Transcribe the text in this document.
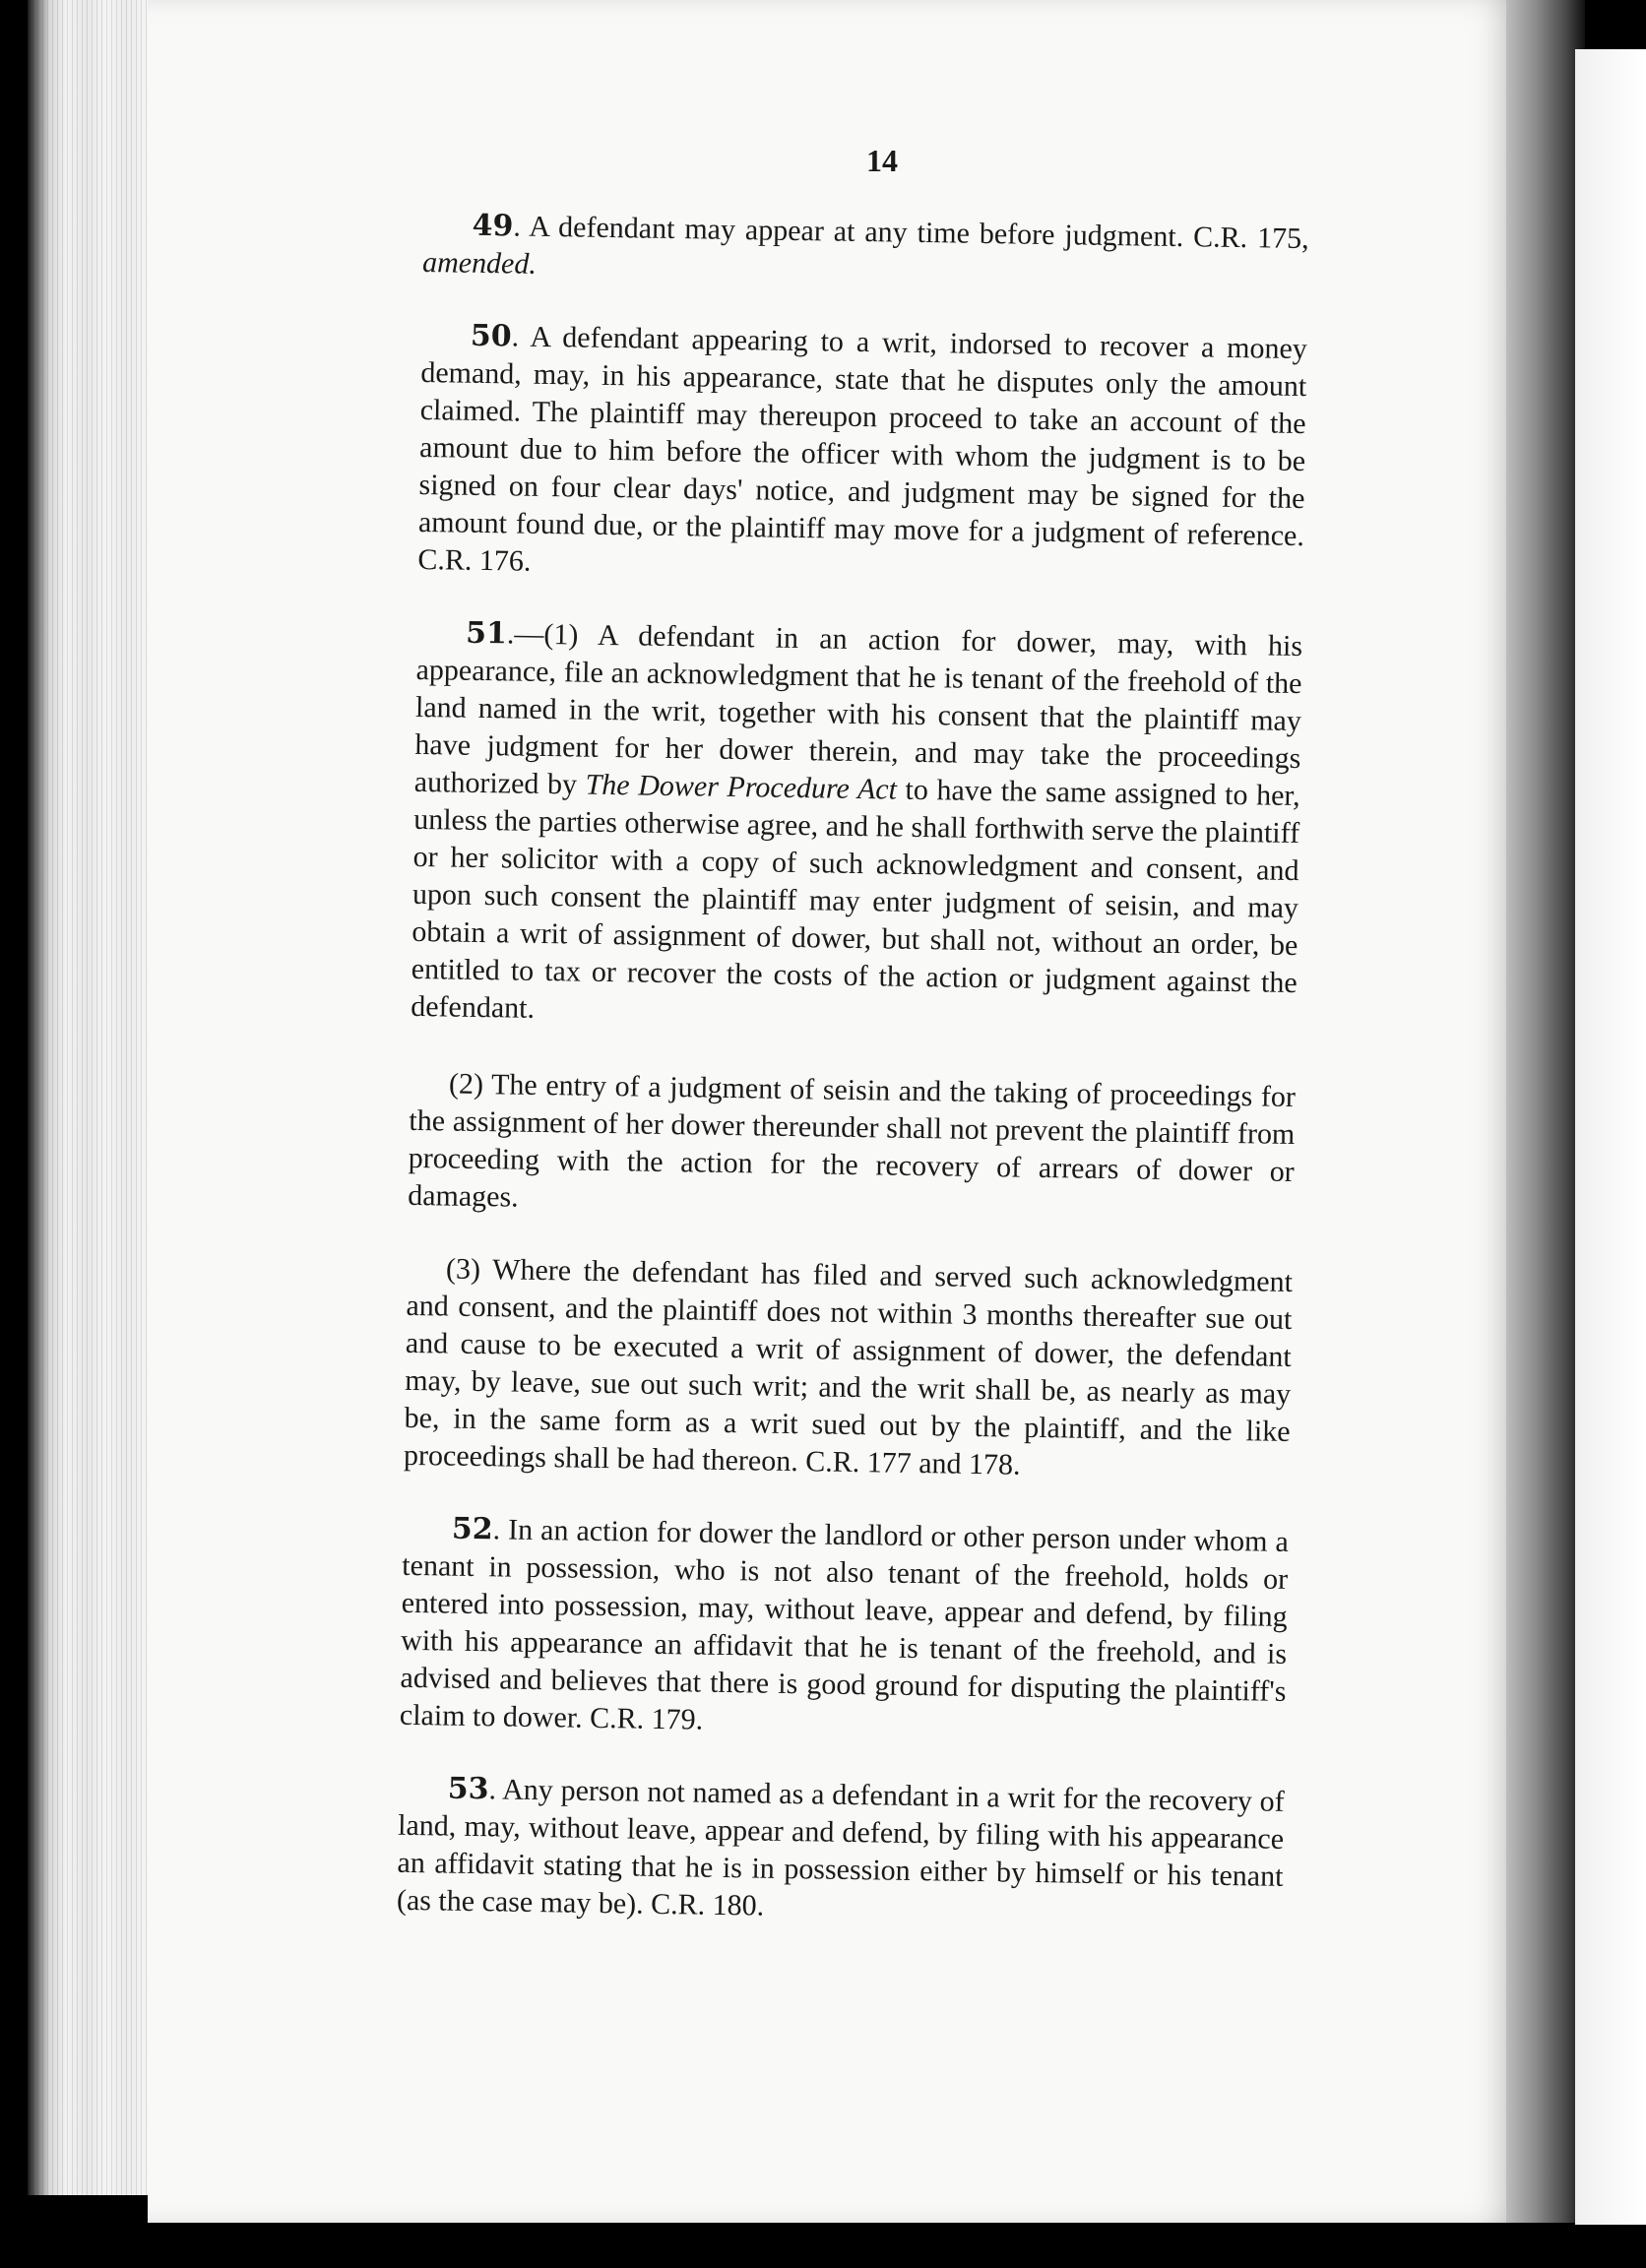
14

49. A defendant may appear at any time before judgment. C.R. 175, amended.

50. A defendant appearing to a writ, indorsed to recover a money demand, may, in his appearance, state that he disputes only the amount claimed. The plaintiff may thereupon proceed to take an account of the amount due to him before the officer with whom the judgment is to be signed on four clear days' notice, and judgment may be signed for the amount found due, or the plaintiff may move for a judgment of reference. C.R. 176.

51.—(1) A defendant in an action for dower, may, with his appearance, file an acknowledgment that he is tenant of the freehold of the land named in the writ, together with his consent that the plaintiff may have judgment for her dower therein, and may take the proceedings authorized by The Dower Procedure Act to have the same assigned to her, unless the parties otherwise agree, and he shall forthwith serve the plaintiff or her solicitor with a copy of such acknowledgment and consent, and upon such consent the plaintiff may enter judgment of seisin, and may obtain a writ of assignment of dower, but shall not, without an order, be entitled to tax or recover the costs of the action or judgment against the defendant.

(2) The entry of a judgment of seisin and the taking of proceedings for the assignment of her dower thereunder shall not prevent the plaintiff from proceeding with the action for the recovery of arrears of dower or damages.

(3) Where the defendant has filed and served such acknowledgment and consent, and the plaintiff does not within 3 months thereafter sue out and cause to be executed a writ of assignment of dower, the defendant may, by leave, sue out such writ; and the writ shall be, as nearly as may be, in the same form as a writ sued out by the plaintiff, and the like proceedings shall be had thereon. C.R. 177 and 178.

52. In an action for dower the landlord or other person under whom a tenant in possession, who is not also tenant of the freehold, holds or entered into possession, may, without leave, appear and defend, by filing with his appearance an affidavit that he is tenant of the freehold, and is advised and believes that there is good ground for disputing the plaintiff's claim to dower. C.R. 179.

53. Any person not named as a defendant in a writ for the recovery of land, may, without leave, appear and defend, by filing with his appearance an affidavit stating that he is in possession either by himself or his tenant (as the case may be). C.R. 180.
